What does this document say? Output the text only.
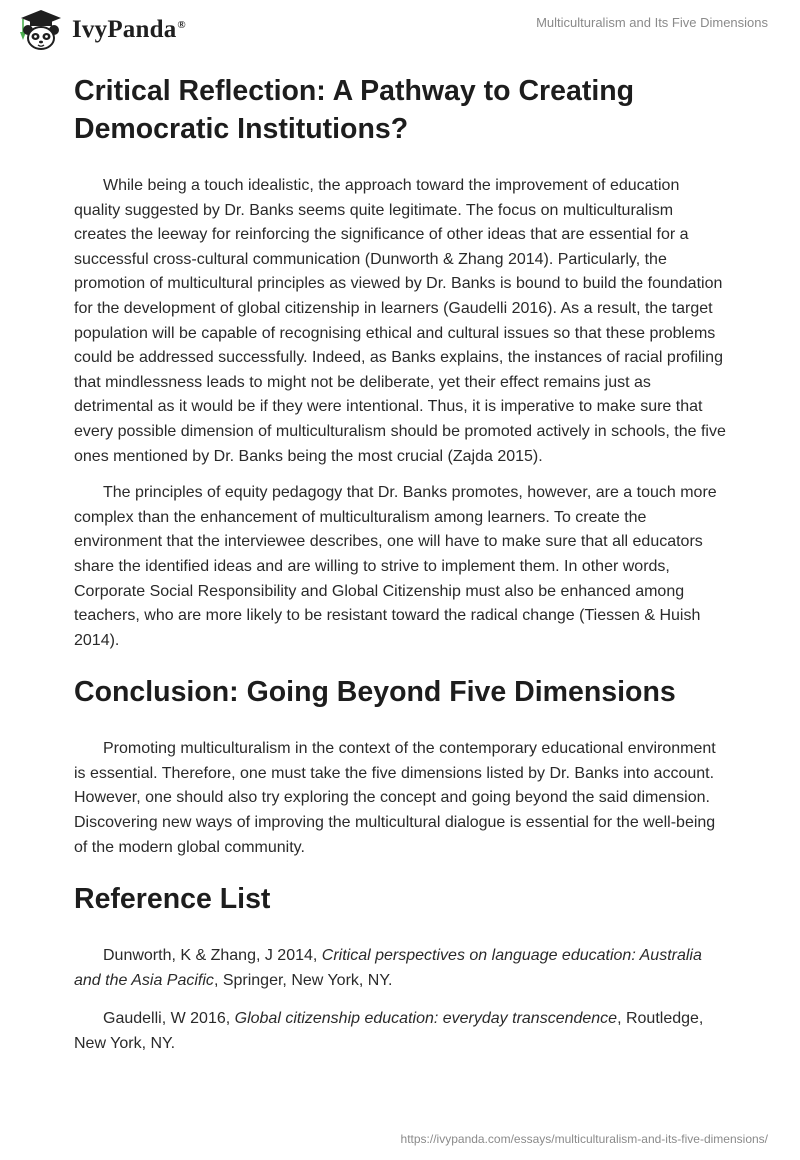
IvyPanda®	Multiculturalism and Its Five Dimensions
Critical Reflection: A Pathway to Creating Democratic Institutions?

While being a touch idealistic, the approach toward the improvement of education quality suggested by Dr. Banks seems quite legitimate. The focus on multiculturalism creates the leeway for reinforcing the significance of other ideas that are essential for a successful cross-cultural communication (Dunworth & Zhang 2014). Particularly, the promotion of multicultural principles as viewed by Dr. Banks is bound to build the foundation for the development of global citizenship in learners (Gaudelli 2016). As a result, the target population will be capable of recognising ethical and cultural issues so that these problems could be addressed successfully. Indeed, as Banks explains, the instances of racial profiling that mindlessness leads to might not be deliberate, yet their effect remains just as detrimental as it would be if they were intentional. Thus, it is imperative to make sure that every possible dimension of multiculturalism should be promoted actively in schools, the five ones mentioned by Dr. Banks being the most crucial (Zajda 2015).

The principles of equity pedagogy that Dr. Banks promotes, however, are a touch more complex than the enhancement of multiculturalism among learners. To create the environment that the interviewee describes, one will have to make sure that all educators share the identified ideas and are willing to strive to implement them. In other words, Corporate Social Responsibility and Global Citizenship must also be enhanced among teachers, who are more likely to be resistant toward the radical change (Tiessen & Huish 2014).

Conclusion: Going Beyond Five Dimensions

Promoting multiculturalism in the context of the contemporary educational environment is essential. Therefore, one must take the five dimensions listed by Dr. Banks into account. However, one should also try exploring the concept and going beyond the said dimension. Discovering new ways of improving the multicultural dialogue is essential for the well-being of the modern global community.

Reference List

Dunworth, K & Zhang, J 2014, Critical perspectives on language education: Australia and the Asia Pacific, Springer, New York, NY.

Gaudelli, W 2016, Global citizenship education: everyday transcendence, Routledge, New York, NY.

https://ivypanda.com/essays/multiculturalism-and-its-five-dimensions/
